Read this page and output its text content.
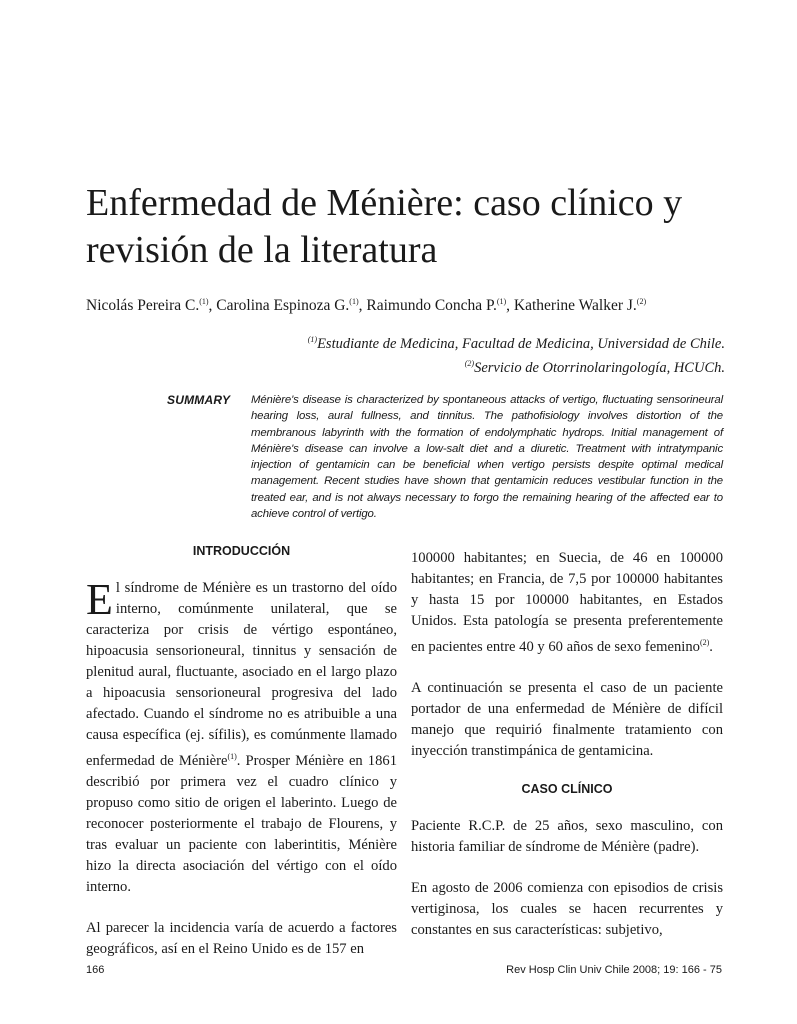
Enfermedad de Ménière: caso clínico y revisión de la literatura
Nicolás Pereira C.$^{(1)}$, Carolina Espinoza G.$^{(1)}$, Raimundo Concha P.$^{(1)}$, Katherine Walker J.$^{(2)}$
$^{(1)}$Estudiante de Medicina, Facultad de Medicina, Universidad de Chile.
$^{(2)}$Servicio de Otorrinolaringología, HCUCh.
SUMMARY Ménière's disease is characterized by spontaneous attacks of vertigo, fluctuating sensorineural hearing loss, aural fullness, and tinnitus. The pathofisiology involves distortion of the membranous labyrinth with the formation of endolymphatic hydrops. Initial management of Ménière's disease can involve a low-salt diet and a diuretic. Treatment with intratympanic injection of gentamicin can be beneficial when vertigo persists despite optimal medical management. Recent studies have shown that gentamicin reduces vestibular function in the treated ear, and is not always necessary to forgo the remaining hearing of the affected ear to achieve control of vertigo.
INTRODUCCIÓN

El síndrome de Ménière es un trastorno del oído interno, comúnmente unilateral, que se caracteriza por crisis de vértigo espontáneo, hipoacusia sensorioneural, tinnitus y sensación de plenitud aural, fluctuante, asociado en el largo plazo a hipoacusia sensorioneural progresiva del lado afectado. Cuando el síndrome no es atribuible a una causa específica (ej. sífilis), es comúnmente llamado enfermedad de Ménière$^{(1)}$. Prosper Ménière en 1861 describió por primera vez el cuadro clínico y propuso como sitio de origen el laberinto. Luego de reconocer posteriormente el trabajo de Flourens, y tras evaluar un paciente con laberintitis, Ménière hizo la directa asociación del vértigo con el oído interno.

Al parecer la incidencia varía de acuerdo a factores geográficos, así en el Reino Unido es de 157 en

100000 habitantes; en Suecia, de 46 en 100000 habitantes; en Francia, de 7,5 por 100000 habitantes y hasta 15 por 100000 habitantes, en Estados Unidos. Esta patología se presenta preferentemente en pacientes entre 40 y 60 años de sexo femenino$^{(2)}$.

A continuación se presenta el caso de un paciente portador de una enfermedad de Ménière de difícil manejo que requirió finalmente tratamiento con inyección transtimpánica de gentamicina.

CASO CLÍNICO

Paciente R.C.P. de 25 años, sexo masculino, con historia familiar de síndrome de Ménière (padre).

En agosto de 2006 comienza con episodios de crisis vertiginosa, los cuales se hacen recurrentes y constantes en sus características: subjetivo,

166	Rev Hosp Clin Univ Chile 2008; 19: 166 - 75
